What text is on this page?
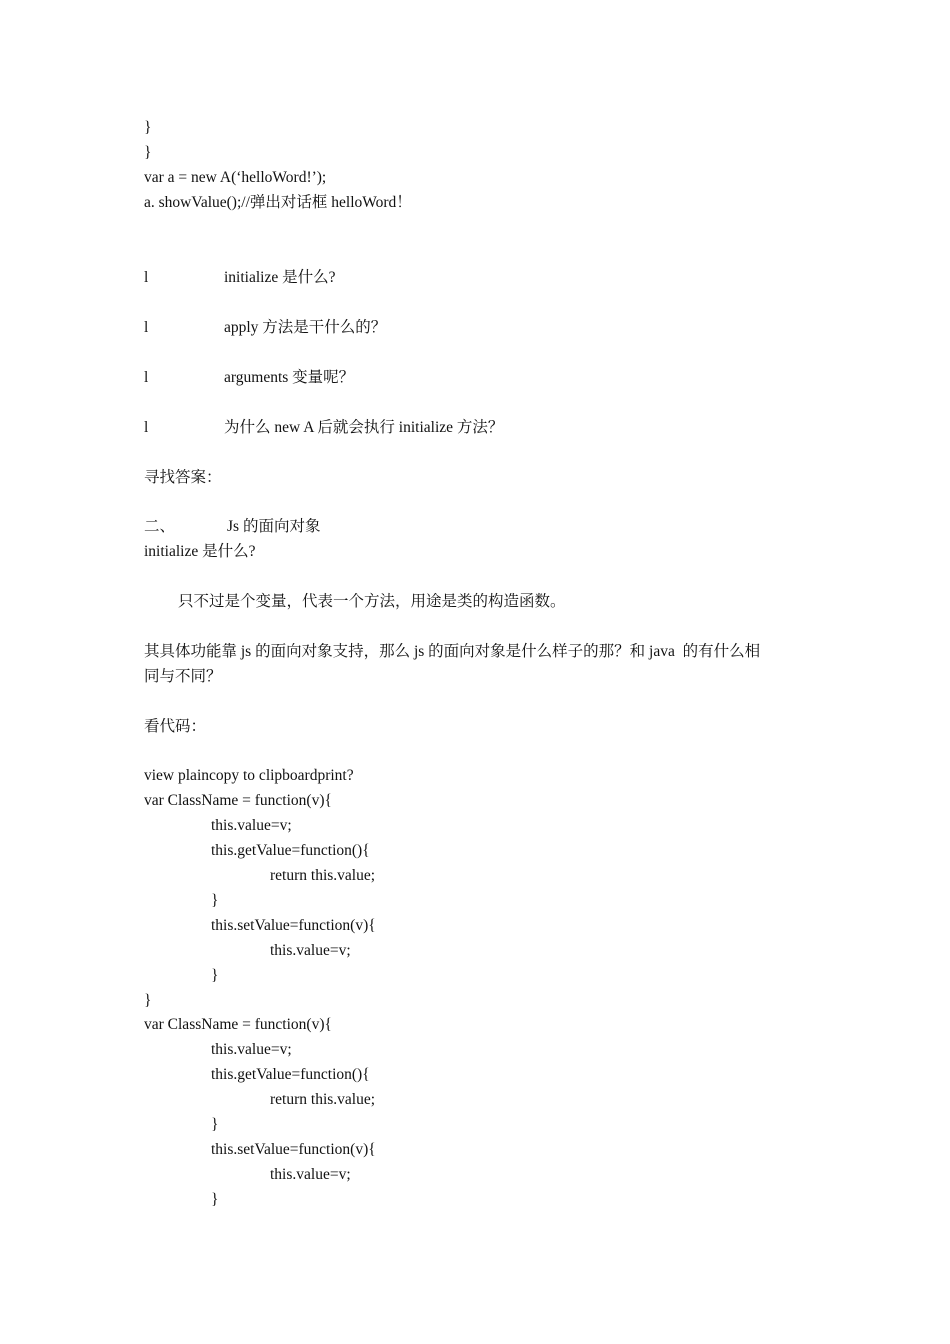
}
}
var a = new A(‘helloWord!’);
a. showValue();//弹出对话框 helloWord！
l	initialize 是什么?
l	apply 方法是干什么的？
l	arguments 变量呢？
l	为什么 new A 后就会执行 initialize 方法？
寻找答案：
二、	Js 的面向对象
initialize 是什么?
只不过是个变量，代表一个方法，用途是类的构造函数。
其具体功能靠 js 的面向对象支持，那么 js 的面向对象是什么样子的那？和 java  的有什么相
同与不同？
看代码：
view plaincopy to clipboardprint?
var ClassName = function(v){
this.value=v;
this.getValue=function(){
return this.value;
}
this.setValue=function(v){
this.value=v;
}
}
var ClassName = function(v){
this.value=v;
this.getValue=function(){
return this.value;
}
this.setValue=function(v){
this.value=v;
}
